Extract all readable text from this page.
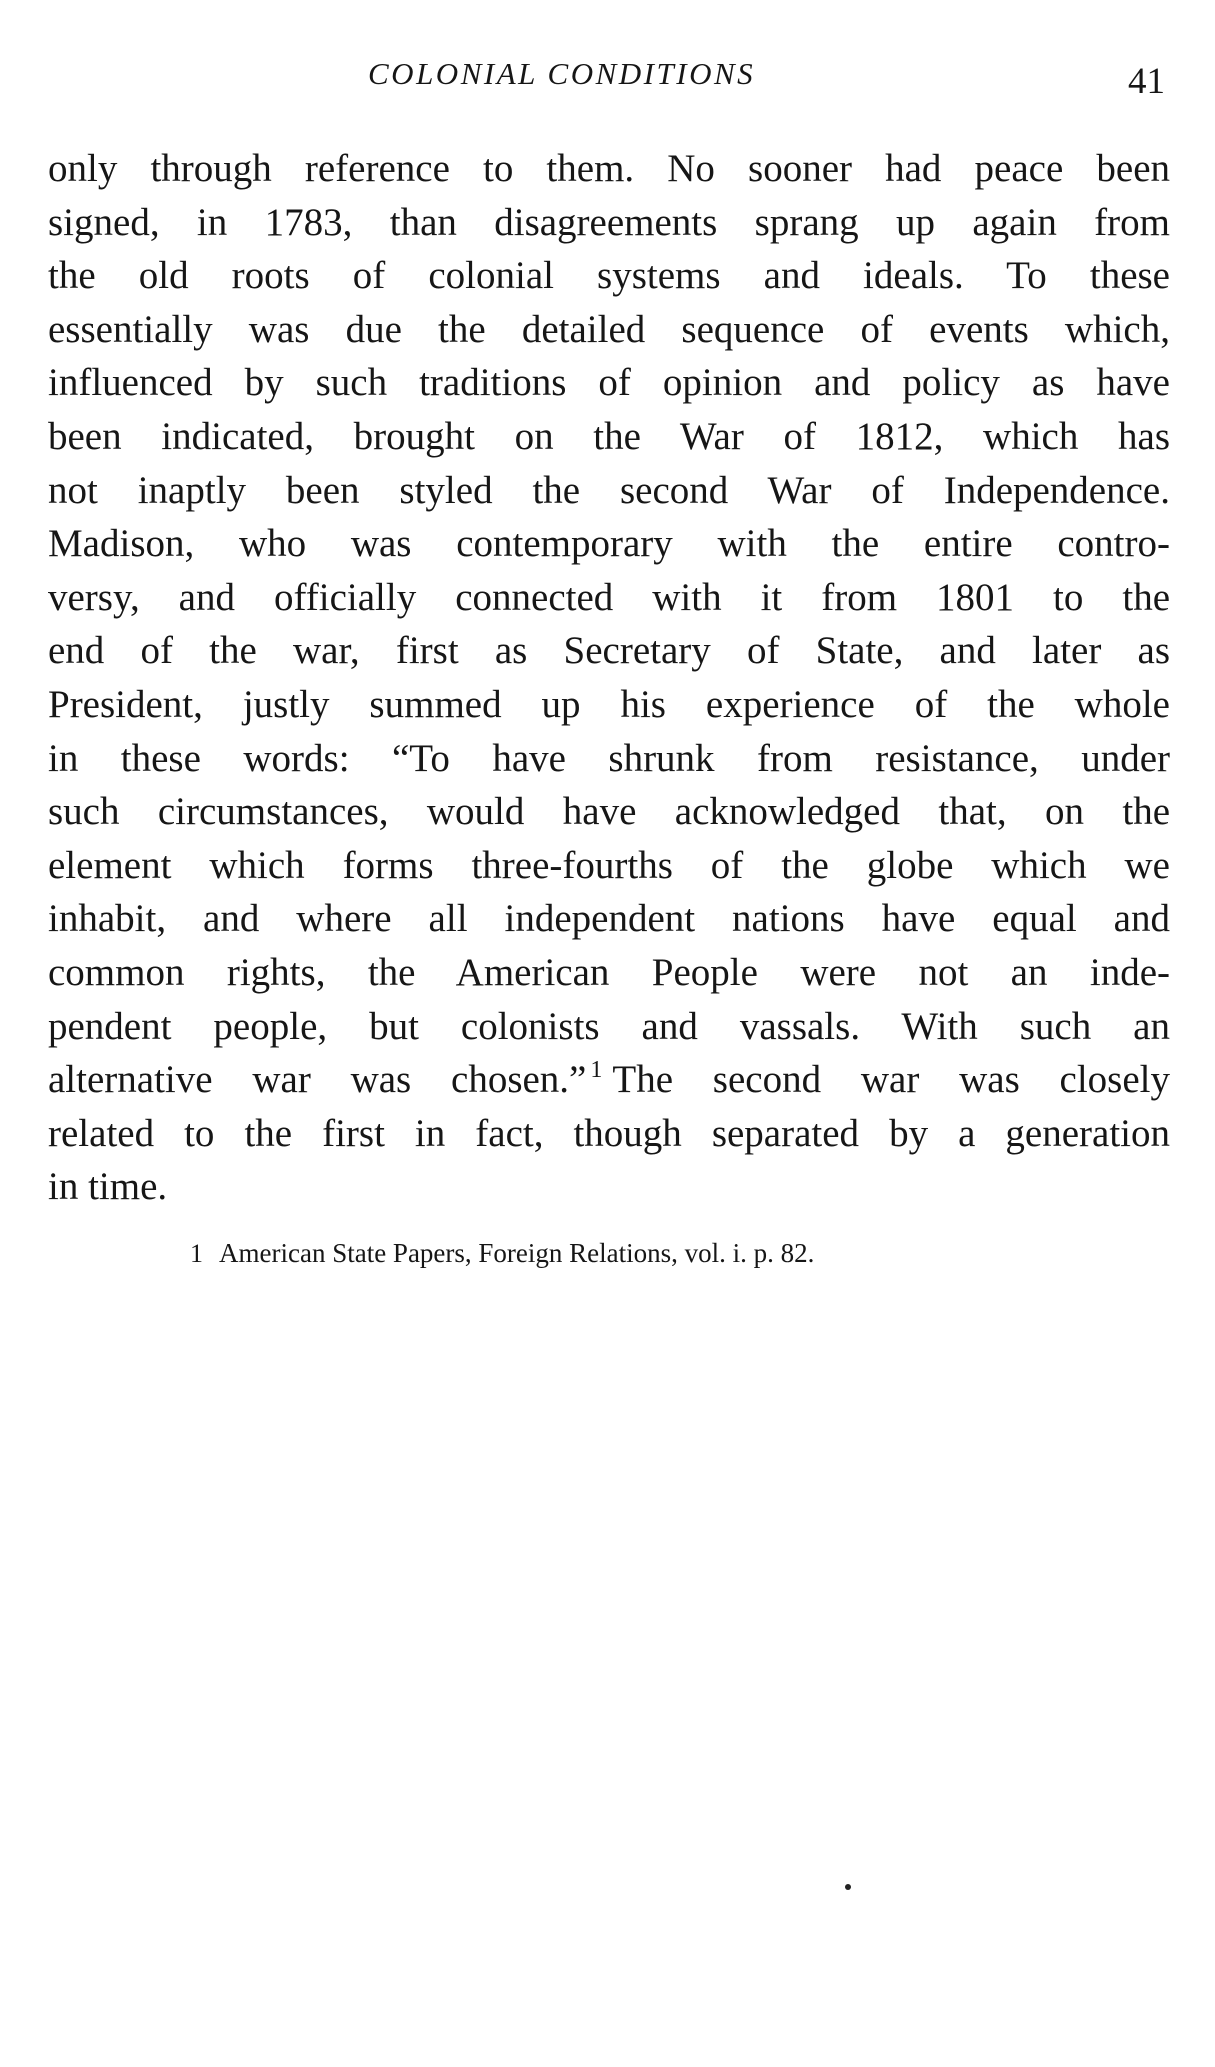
COLONIAL CONDITIONS	41
only through reference to them. No sooner had peace been
signed, in 1783, than disagreements sprang up again from
the old roots of colonial systems and ideals. To these
essentially was due the detailed sequence of events which,
influenced by such traditions of opinion and policy as have
been indicated, brought on the War of 1812, which has
not inaptly been styled the second War of Independence.
Madison, who was contemporary with the entire contro-
versy, and officially connected with it from 1801 to the
end of the war, first as Secretary of State, and later as
President, justly summed up his experience of the whole
in these words: “To have shrunk from resistance, under
such circumstances, would have acknowledged that, on the
element which forms three-fourths of the globe which we
inhabit, and where all independent nations have equal and
common rights, the American People were not an inde-
pendent people, but colonists and vassals. With such an
alternative war was chosen.” $^1$ The second war was closely
related to the first in fact, though separated by a generation
in time.
1 American State Papers, Foreign Relations, vol. i. p. 82.
